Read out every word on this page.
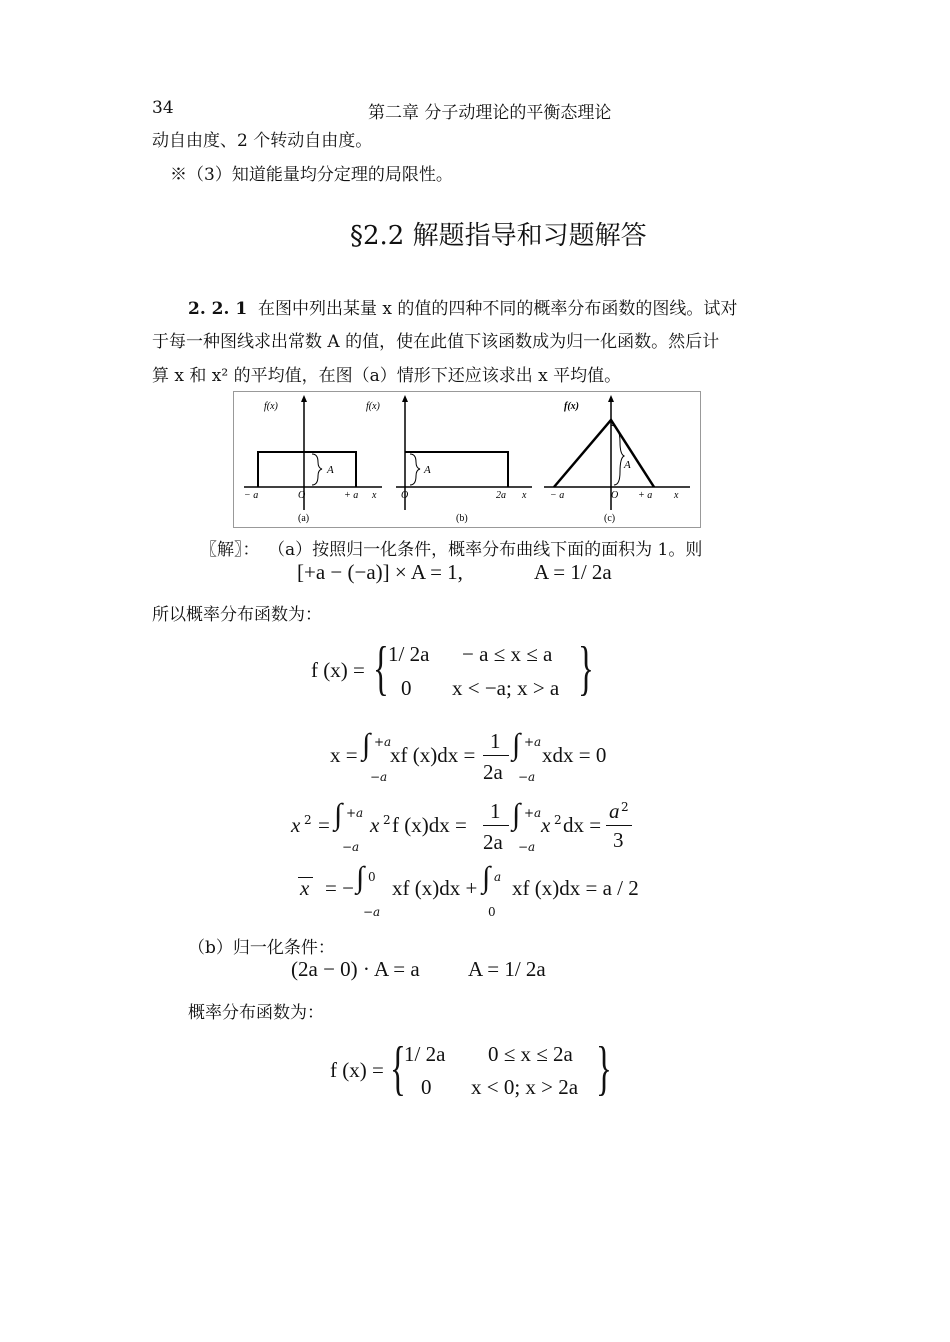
34	第二章 分子动理论的平衡态理论
动自由度、2 个转动自由度。
※（3）知道能量均分定理的局限性。
§2.2 解题指导和习题解答
2. 2. 1 在图中列出某量 x 的值的四种不同的概率分布函数的图线。试对
于每一种图线求出常数 A 的值，使在此值下该函数成为归一化函数。然后计
算 x 和 x² 的平均值，在图（a）情形下还应该求出 x 平均值。
f(x)
A
− a	O	+ a x
(a)
f(x)
A
O	2a x
(b)
f(x)
A
− a	O + a x
(c)
〖解〗： （a）按照归一化条件，概率分布曲线下面的面积为 1。则
[+a − (−a)] × A = 1,	A = 1/ 2a
所以概率分布函数为：
f (x) = { 1/ 2a − a ≤ x ≤ a
0 x < −a; x > a }
x = ∫ +a
−a
xf (x)dx =
1
2a
∫ +a
−a
xdx = 0
x 2 = ∫ +a
−a
x 2 f (x)dx =
1
2a
∫ +a
−a
x 2 dx =
a 2
3
x = − ∫ 0
−a
xf (x)dx + ∫ a
0
xf (x)dx = a / 2
（b）归一化条件：
(2a − 0) · A = a A = 1/ 2a
概率分布函数为：
f (x) = {
1/ 2a 0 ≤ x ≤ 2a
0 x < 0; x > 2a }
